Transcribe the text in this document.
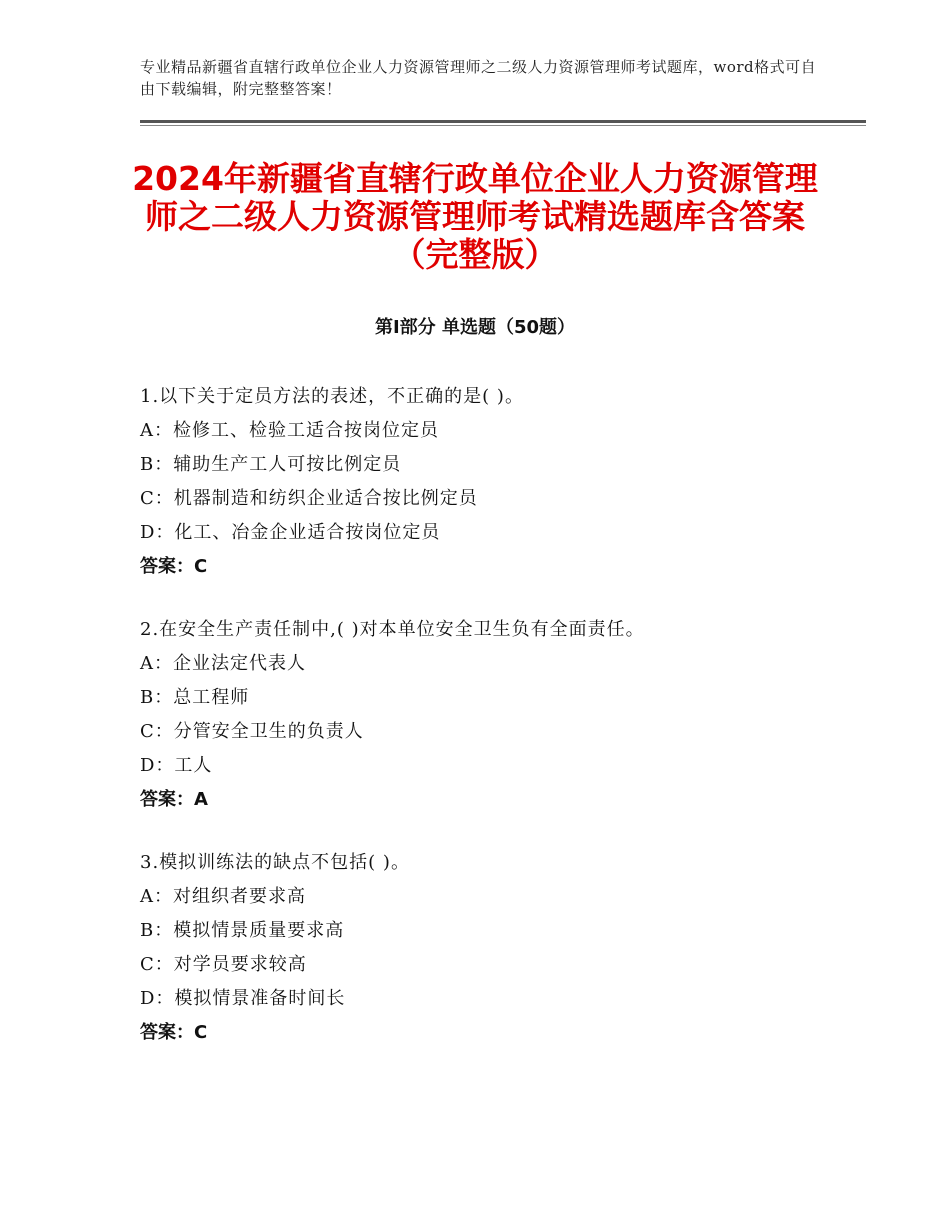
专业精品新疆省直辖行政单位企业人力资源管理师之二级人力资源管理师考试题库，word格式可自由下载编辑，附完整整答案！
2024年新疆省直辖行政单位企业人力资源管理师之二级人力资源管理师考试精选题库含答案（完整版）
第Ⅰ部分 单选题（50题）
1.以下关于定员方法的表述，不正确的是( )。
A：检修工、检验工适合按岗位定员
B：辅助生产工人可按比例定员
C：机器制造和纺织企业适合按比例定员
D：化工、冶金企业适合按岗位定员
答案：C
2.在安全生产责任制中,( )对本单位安全卫生负有全面责任。
A：企业法定代表人
B：总工程师
C：分管安全卫生的负责人
D：工人
答案：A
3.模拟训练法的缺点不包括( )。
A：对组织者要求高
B：模拟情景质量要求高
C：对学员要求较高
D：模拟情景准备时间长
答案：C
